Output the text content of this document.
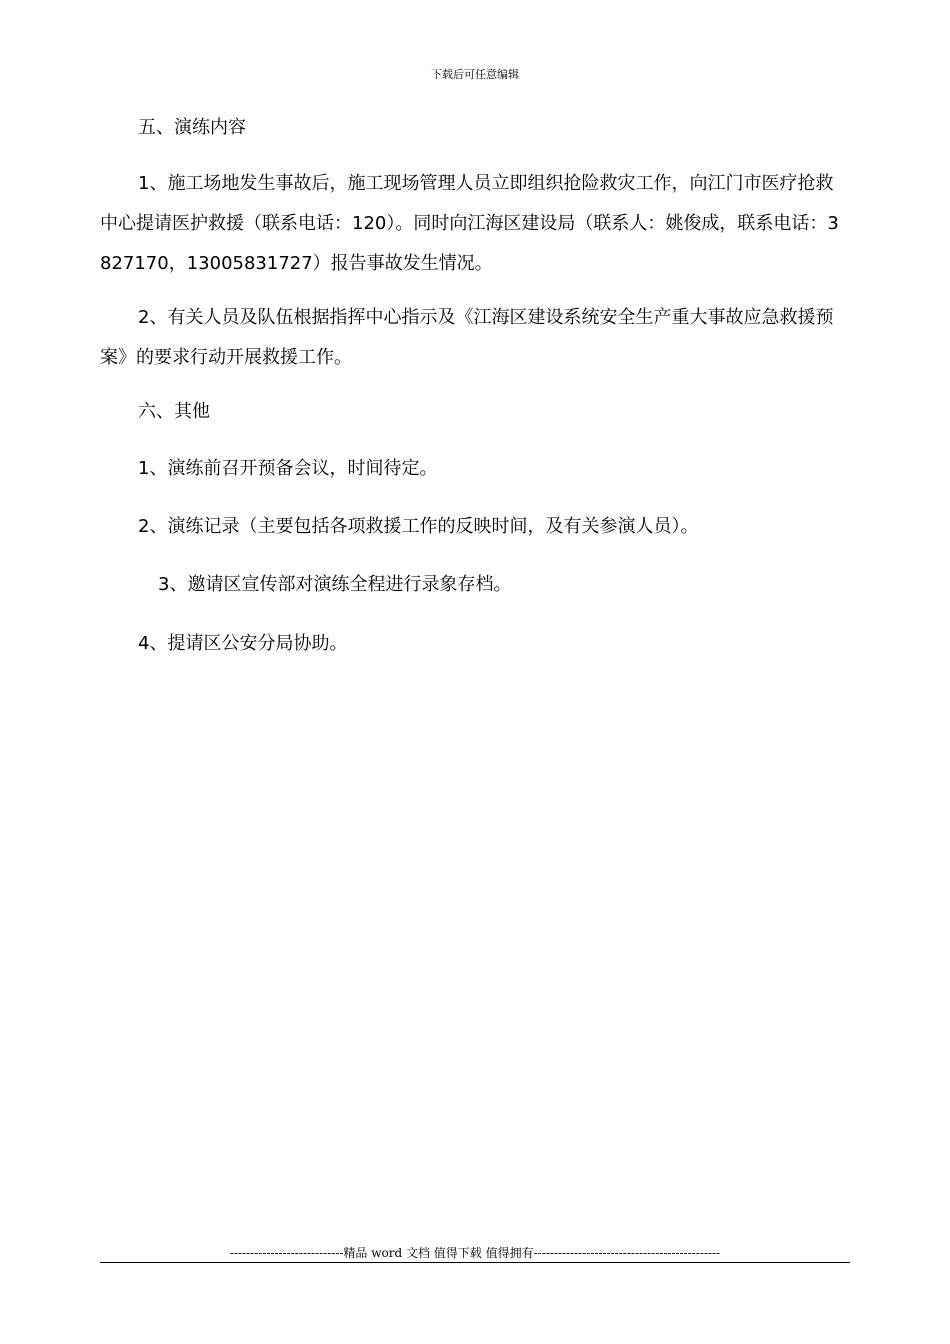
下载后可任意编辑
五、演练内容
1、施工场地发生事故后，施工现场管理人员立即组织抢险救灾工作，向江门市医疗抢救中心提请医护救援（联系电话：120）。同时向江海区建设局（联系人：姚俊成，联系电话：3827170，13005831727）报告事故发生情况。
2、有关人员及队伍根据指挥中心指示及《江海区建设系统安全生产重大事故应急救援预案》的要求行动开展救援工作。
六、其他
1、演练前召开预备会议，时间待定。
2、演练记录（主要包括各项救援工作的反映时间，及有关参演人员）。
3、邀请区宣传部对演练全程进行录象存档。
4、提请区公安分局协助。
----------------------------精品 word 文档 值得下载 值得拥有----------------------------------------------
